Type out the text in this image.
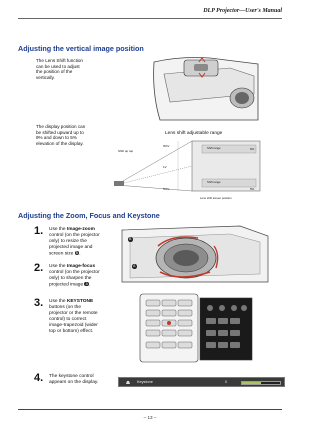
DLP Projector—User's Manual
Adjusting the vertical image position
The Lens Shift function
can be used to adjust
the position of the
vertically.
The display position can
be shifted upward up to
9% and down to 5%
elevation of the display.
Lens shift adjustable range
Shift up top
9%V
1V
5%V
9%
5%
Shift range
Shift range
Lens shift screen position
Adjusting the Zoom, Focus and Keystone
1. Use the Image-zoom
control (on the projector
only) to resize the
projected image and
screen size B.
B
A
2. Use the Image-focus
control (on the projector
only) to sharpen the
projected image A.
3. Use the KEYSTONE
buttons (on the
projector or the remote
control) to correct
image-trapezoid (wider
top or bottom) effect.
4. The keystone control
appears on the display.	Keystone	0
– 13 –
